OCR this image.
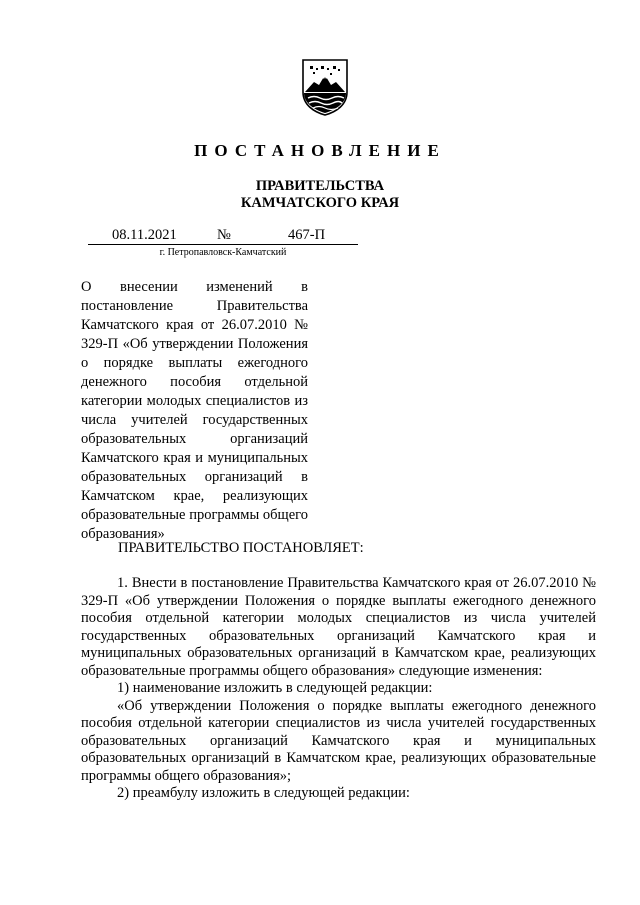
ПОСТАНОВЛЕНИЕ
ПРАВИТЕЛЬСТВА
КАМЧАТСКОГО КРАЯ
08.11.2021	№	467-П
г. Петропавловск-Камчатский
О внесении изменений в постановление Правительства Камчатского края от 26.07.2010 № 329-П «Об утверждении Положения о порядке выплаты ежегодного денежного пособия отдельной категории молодых специалистов из числа учителей государственных образовательных организаций Камчатского края и муниципальных образовательных организаций в Камчатском крае, реализующих образовательные программы общего образования»
ПРАВИТЕЛЬСТВО ПОСТАНОВЛЯЕТ:

1. Внести в постановление Правительства Камчатского края от 26.07.2010 № 329-П «Об утверждении Положения о порядке выплаты ежегодного денежного пособия отдельной категории молодых специалистов из числа учителей государственных образовательных организаций Камчатского края и муниципальных образовательных организаций в Камчатском крае, реализующих образовательные программы общего образования» следующие изменения:

1) наименование изложить в следующей редакции:

«Об утверждении Положения о порядке выплаты ежегодного денежного пособия отдельной категории специалистов из числа учителей государственных образовательных организаций Камчатского края и муниципальных образовательных организаций в Камчатском крае, реализующих образовательные программы общего образования»;

2) преамбулу изложить в следующей редакции:
